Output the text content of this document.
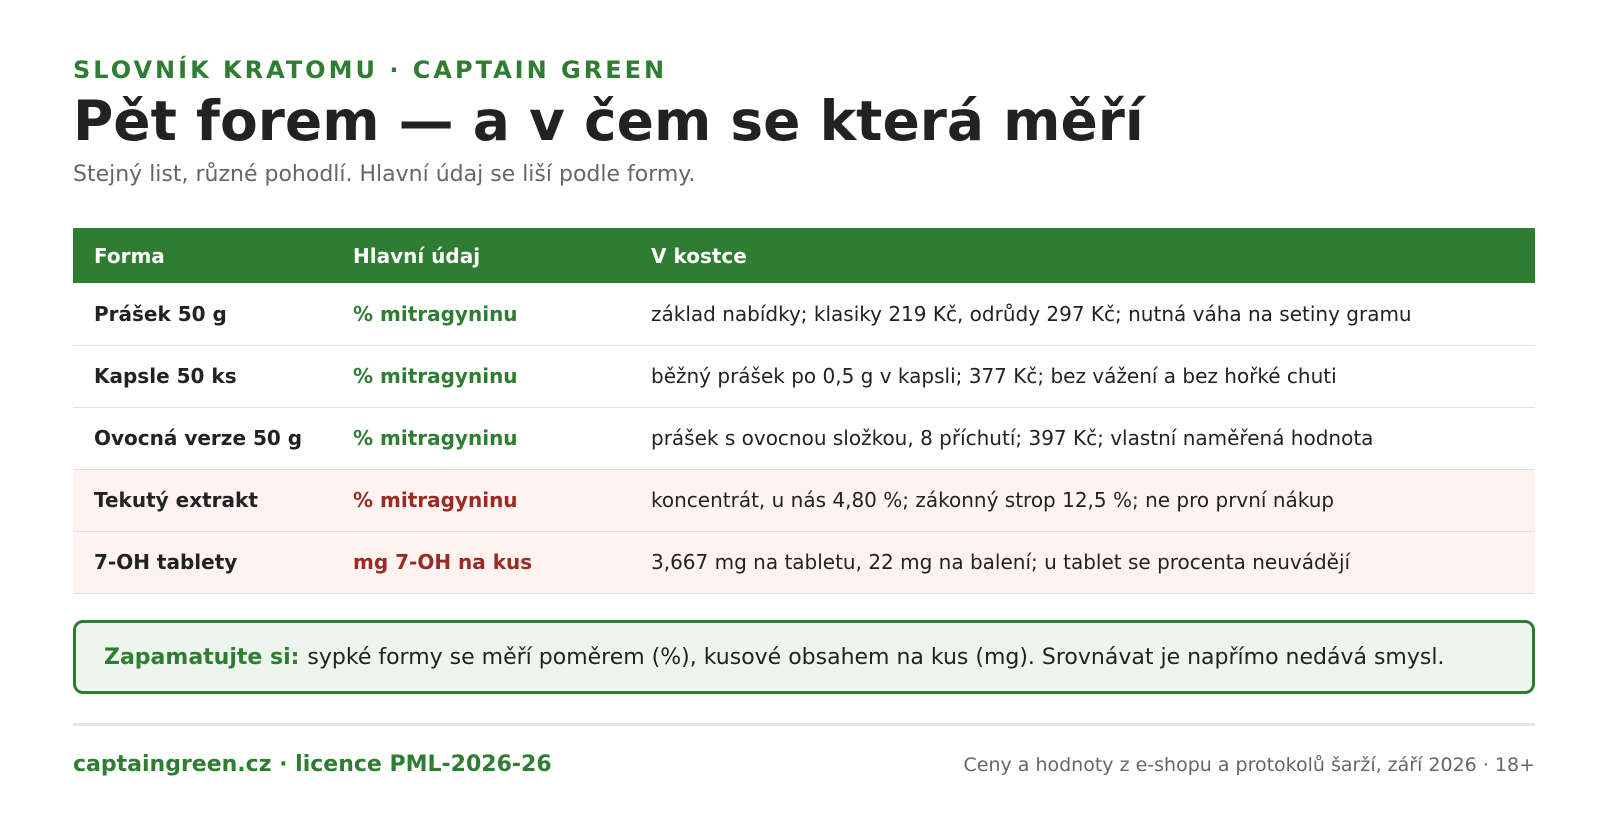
SLOVNÍK KRATOMU · CAPTAIN GREEN
Pět forem — a v čem se která měří
Stejný list, různé pohodlí. Hlavní údaj se liší podle formy.
Forma	Hlavní údaj	V kostce
Prášek 50 g	% mitragyninu	základ nabídky; klasiky 219 Kč, odrůdy 297 Kč; nutná váha na setiny gramu
Kapsle 50 ks	% mitragyninu	běžný prášek po 0,5 g v kapsli; 377 Kč; bez vážení a bez hořké chuti
Ovocná verze 50 g	% mitragyninu	prášek s ovocnou složkou, 8 příchutí; 397 Kč; vlastní naměřená hodnota
Tekutý extrakt	% mitragyninu	koncentrát, u nás 4,80 %; zákonný strop 12,5 %; ne pro první nákup
7-OH tablety	mg 7-OH na kus	3,667 mg na tabletu, 22 mg na balení; u tablet se procenta neuvádějí
Zapamatujte si: sypké formy se měří poměrem (%), kusové obsahem na kus (mg). Srovnávat je napřímo nedává smysl.
captaingreen.cz · licence PML-2026-26	Ceny a hodnoty z e-shopu a protokolů šarží, září 2026 · 18+
